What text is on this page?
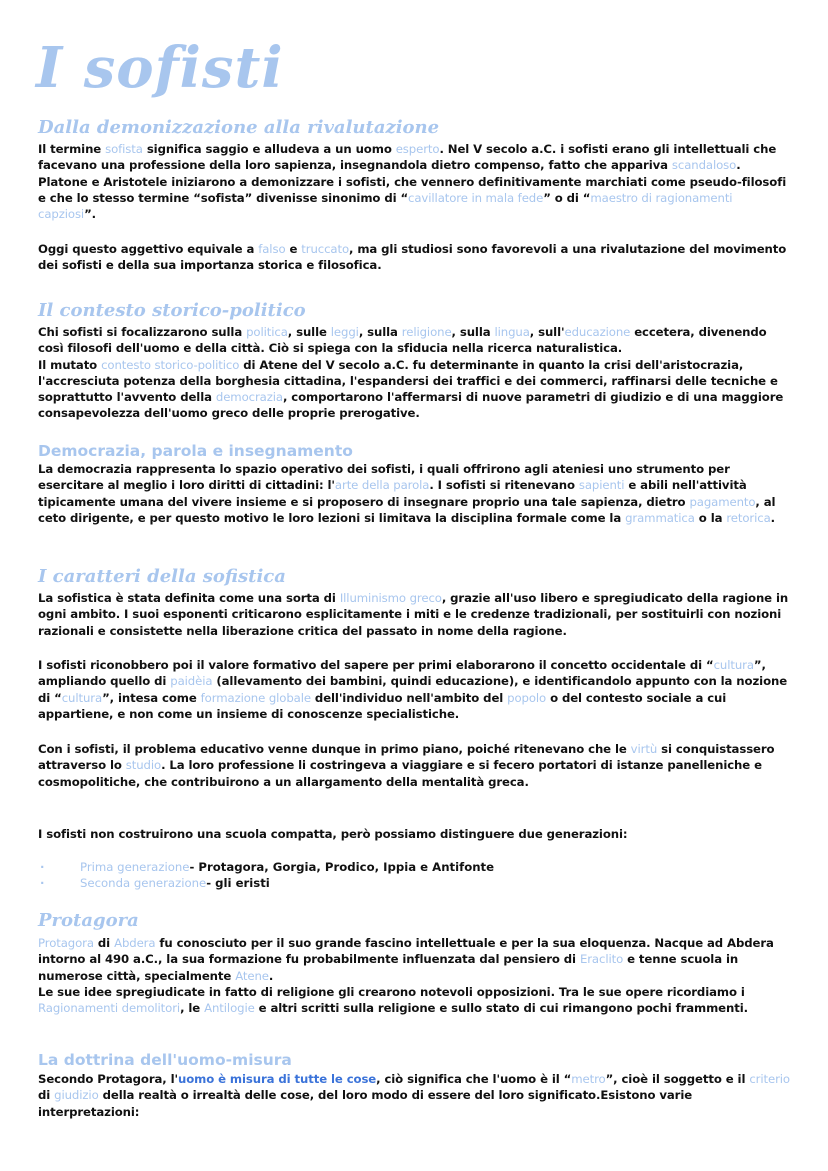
I sofisti
Dalla demonizzazione alla rivalutazione

Il termine sofista significa saggio e alludeva a un uomo esperto. Nel V secolo a.C. i sofisti erano gli intellettuali che facevano una professione della loro sapienza, insegnandola dietro compenso, fatto che appariva scandaloso. Platone e Aristotele iniziarono a demonizzare i sofisti, che vennero definitivamente marchiati come pseudo-filosofi e che lo stesso termine “sofista” divenisse sinonimo di “cavillatore in mala fede” o di “maestro di ragionamenti capziosi”.

Oggi questo aggettivo equivale a falso e truccato, ma gli studiosi sono favorevoli a una rivalutazione del movimento dei sofisti e della sua importanza storica e filosofica.

Il contesto storico-politico

Chi sofisti si focalizzarono sulla politica, sulle leggi, sulla religione, sulla lingua, sull'educazione eccetera, divenendo così filosofi dell'uomo e della città. Ciò si spiega con la sfiducia nella ricerca naturalistica.
Il mutato contesto storico-politico di Atene del V secolo a.C. fu determinante in quanto la crisi dell'aristocrazia, l'accresciuta potenza della borghesia cittadina, l'espandersi dei traffici e dei commerci, raffinarsi delle tecniche e soprattutto l'avvento della democrazia, comportarono l'affermarsi di nuove parametri di giudizio e di una maggiore consapevolezza dell'uomo greco delle proprie prerogative.

Democrazia, parola e insegnamento

La democrazia rappresenta lo spazio operativo dei sofisti, i quali offrirono agli ateniesi uno strumento per esercitare al meglio i loro diritti di cittadini: l'arte della parola. I sofisti si ritenevano sapienti e abili nell'attività tipicamente umana del vivere insieme e si proposero di insegnare proprio una tale sapienza, dietro pagamento, al ceto dirigente, e per questo motivo le loro lezioni si limitava la disciplina formale come la grammatica o la retorica.

I caratteri della sofistica

La sofistica è stata definita come una sorta di Illuminismo greco, grazie all'uso libero e spregiudicato della ragione in ogni ambito. I suoi esponenti criticarono esplicitamente i miti e le credenze tradizionali, per sostituirli con nozioni razionali e consistette nella liberazione critica del passato in nome della ragione.

I sofisti riconobbero poi il valore formativo del sapere per primi elaborarono il concetto occidentale di “cultura”, ampliando quello di paidèia (allevamento dei bambini, quindi educazione), e identificandolo appunto con la nozione di “cultura”, intesa come formazione globale dell'individuo nell'ambito del popolo o del contesto sociale a cui appartiene, e non come un insieme di conoscenze specialistiche.

Con i sofisti, il problema educativo venne dunque in primo piano, poiché ritenevano che le virtù si conquistassero attraverso lo studio. La loro professione li costringeva a viaggiare e si fecero portatori di istanze panelleniche e cosmopolitiche, che contribuirono a un allargamento della mentalità greca.

I sofisti non costruirono una scuola compatta, però possiamo distinguere due generazioni:

·	Prima generazione- Protagora, Gorgia, Prodico, Ippia e Antifonte
·	Seconda generazione- gli eristi
Protagora

Protagora di Abdera fu conosciuto per il suo grande fascino intellettuale e per la sua eloquenza. Nacque ad Abdera intorno al 490 a.C., la sua formazione fu probabilmente influenzata dal pensiero di Eraclito e tenne scuola in numerose città, specialmente Atene.
Le sue idee spregiudicate in fatto di religione gli crearono notevoli opposizioni. Tra le sue opere ricordiamo i Ragionamenti demolitori, le Antilogie e altri scritti sulla religione e sullo stato di cui rimangono pochi frammenti.

La dottrina dell'uomo-misura

Secondo Protagora, l'uomo è misura di tutte le cose, ciò significa che l'uomo è il “metro”, cioè il soggetto e il criterio di giudizio della realtà o irrealtà delle cose, del loro modo di essere del loro significato.Esistono varie interpretazioni:
